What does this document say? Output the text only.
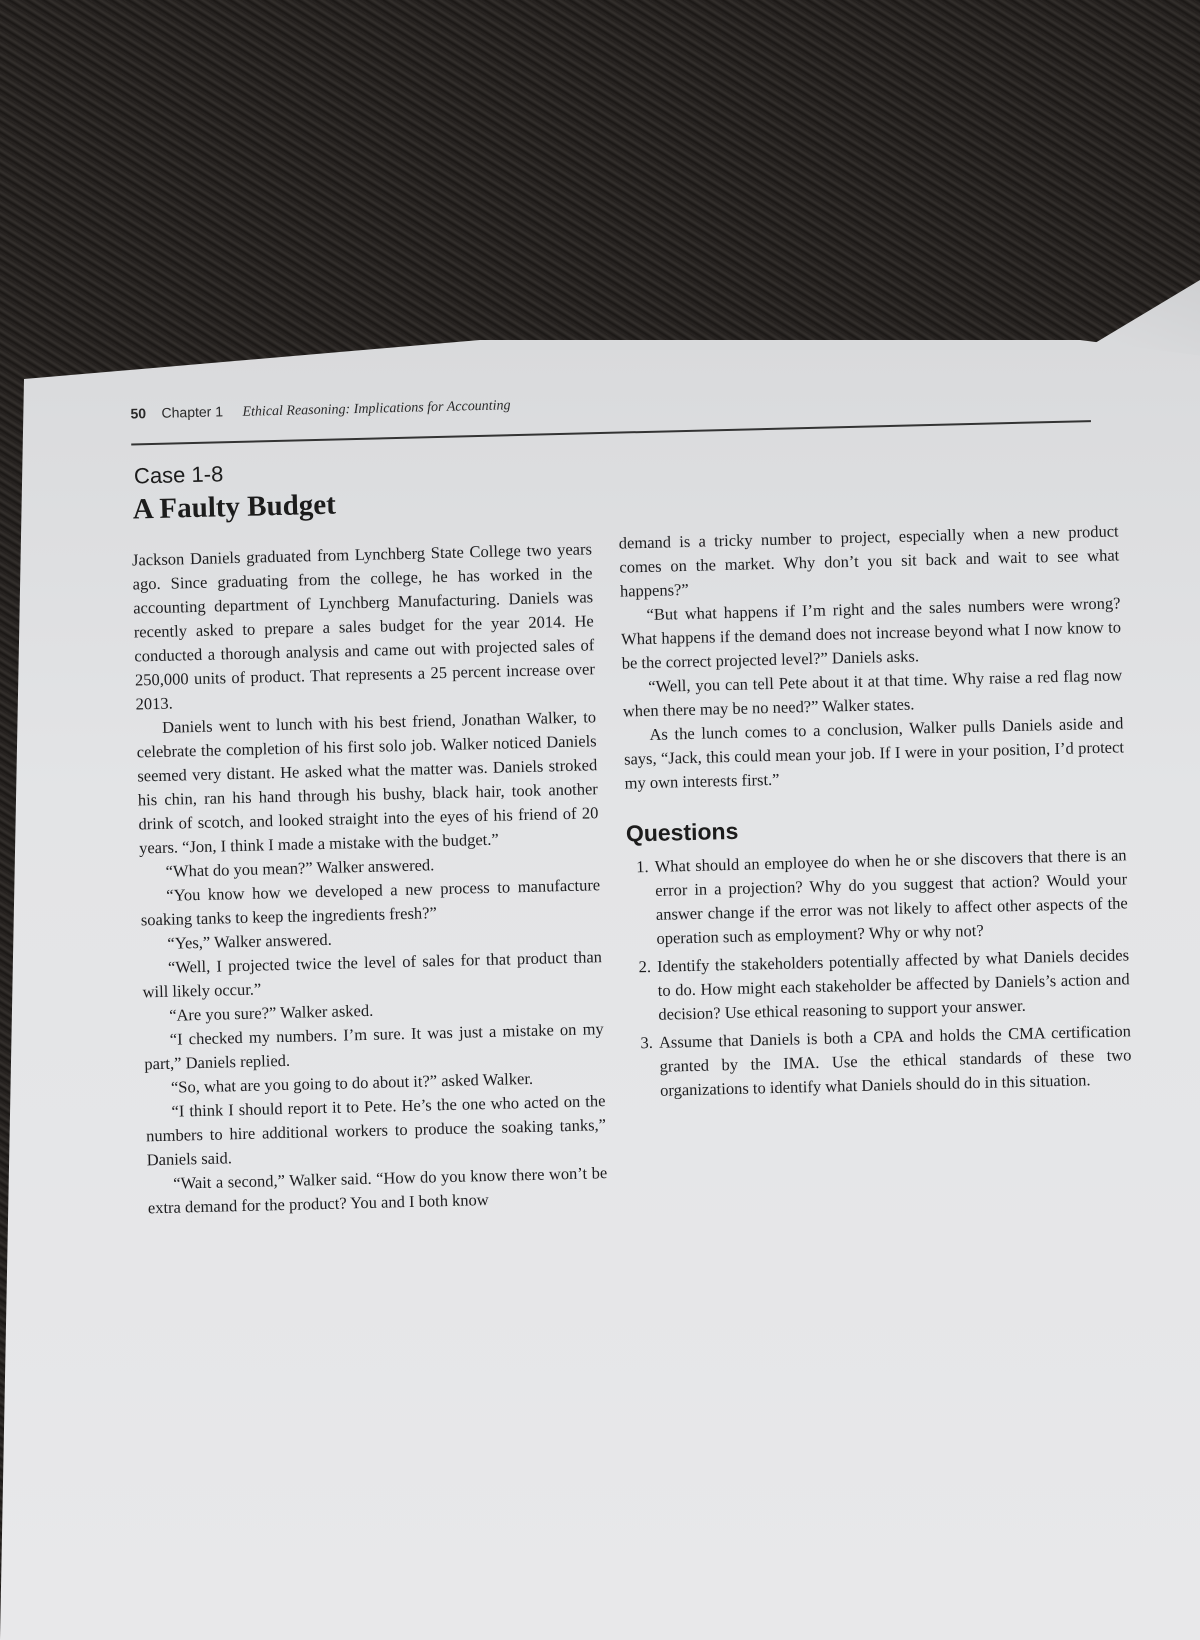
50 Chapter 1 Ethical Reasoning: Implications for Accounting
Case 1-8
A Faulty Budget

Jackson Daniels graduated from Lynchberg State College two years ago. Since graduating from the college, he has worked in the accounting department of Lynchberg Manufacturing. Daniels was recently asked to prepare a sales budget for the year 2014. He conducted a thorough analysis and came out with projected sales of 250,000 units of product. That represents a 25 percent increase over 2013.

Daniels went to lunch with his best friend, Jonathan Walker, to celebrate the completion of his first solo job. Walker noticed Daniels seemed very distant. He asked what the matter was. Daniels stroked his chin, ran his hand through his bushy, black hair, took another drink of scotch, and looked straight into the eyes of his friend of 20 years. “Jon, I think I made a mistake with the budget.”

“What do you mean?” Walker answered.

“You know how we developed a new process to manufacture soaking tanks to keep the ingredients fresh?”

“Yes,” Walker answered.

“Well, I projected twice the level of sales for that product than will likely occur.”

“Are you sure?” Walker asked.

“I checked my numbers. I’m sure. It was just a mistake on my part,” Daniels replied.

“So, what are you going to do about it?” asked Walker.

“I think I should report it to Pete. He’s the one who acted on the numbers to hire additional workers to produce the soaking tanks,” Daniels said.

“Wait a second,” Walker said. “How do you know there won’t be extra demand for the product? You and I both know

demand is a tricky number to project, especially when a new product comes on the market. Why don’t you sit back and wait to see what happens?”

“But what happens if I’m right and the sales numbers were wrong? What happens if the demand does not increase beyond what I now know to be the correct projected level?” Daniels asks.

“Well, you can tell Pete about it at that time. Why raise a red flag now when there may be no need?” Walker states.

As the lunch comes to a conclusion, Walker pulls Daniels aside and says, “Jack, this could mean your job. If I were in your position, I’d protect my own interests first.”

Questions
1. What should an employee do when he or she discovers that there is an error in a projection? Why do you suggest that action? Would your answer change if the error was not likely to affect other aspects of the operation such as employment? Why or why not?
2. Identify the stakeholders potentially affected by what Daniels decides to do. How might each stakeholder be affected by Daniels’s action and decision? Use ethical reasoning to support your answer.
3. Assume that Daniels is both a CPA and holds the CMA certification granted by the IMA. Use the ethical standards of these two organizations to identify what Daniels should do in this situation.
